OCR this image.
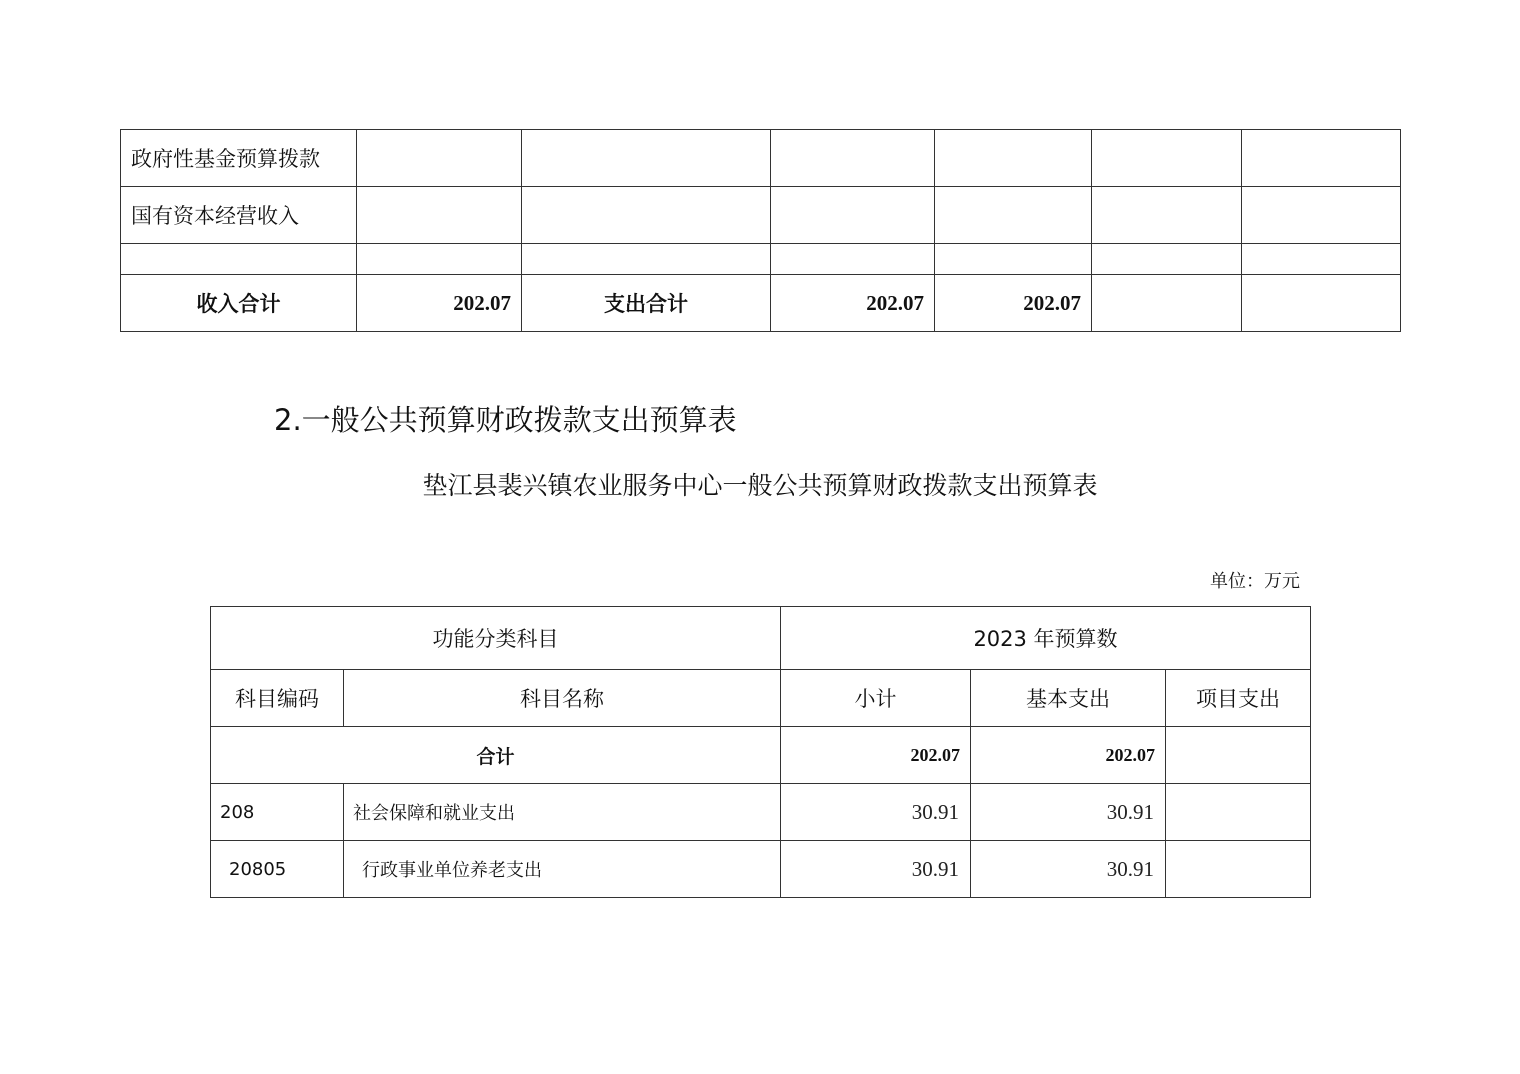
政府性基金预算拨款						
国有资本经营收入						

收入合计	202.07	支出合计	202.07	202.07		
2.一般公共预算财政拨款支出预算表
垫江县裴兴镇农业服务中心一般公共预算财政拨款支出预算表
单位：万元
功能分类科目		2023 年预算数		
科目编码	科目名称	小计	基本支出	项目支出
合计		202.07	202.07	
208	社会保障和就业支出	30.91	30.91	
20805	行政事业单位养老支出	30.91	30.91	
